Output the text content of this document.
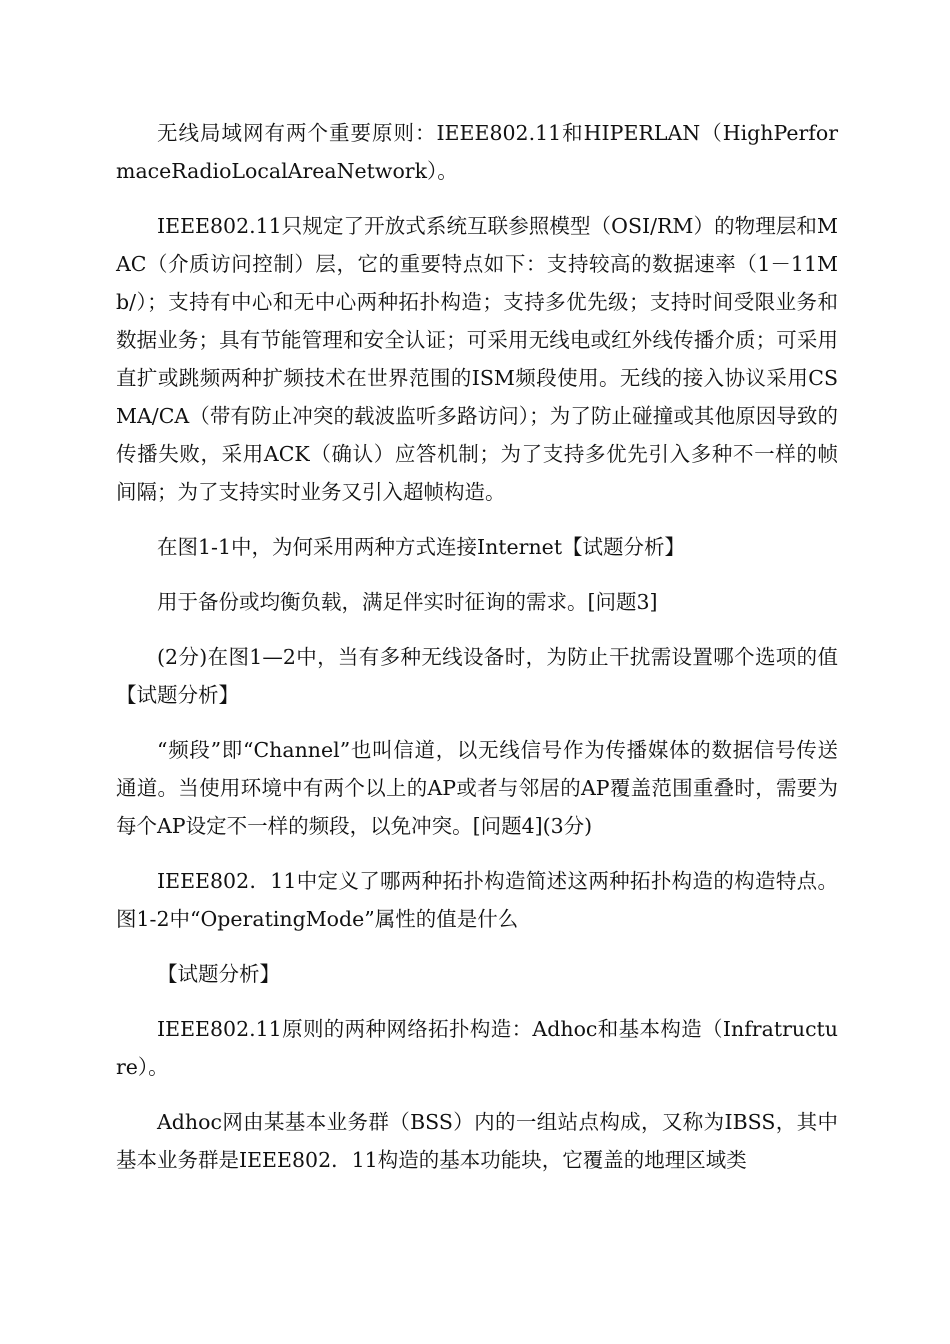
无线局域网有两个重要原则：IEEE802.11和HIPERLAN（HighPerformaceRadioLocalAreaNetwork）。

IEEE802.11只规定了开放式系统互联参照模型（OSI/RM）的物理层和MAC（介质访问控制）层，它的重要特点如下：支持较高的数据速率（1－11Mb/）；支持有中心和无中心两种拓扑构造；支持多优先级；支持时间受限业务和数据业务；具有节能管理和安全认证；可采用无线电或红外线传播介质；可采用直扩或跳频两种扩频技术在世界范围的ISM频段使用。无线的接入协议采用CSMA/CA（带有防止冲突的载波监听多路访问）；为了防止碰撞或其他原因导致的传播失败，采用ACK（确认）应答机制；为了支持多优先引入多种不一样的帧间隔；为了支持实时业务又引入超帧构造。

在图1-1中，为何采用两种方式连接Internet【试题分析】

用于备份或均衡负载，满足伴实时征询的需求。[问题3]

(2分)在图1—2中，当有多种无线设备时，为防止干扰需设置哪个选项的值【试题分析】

“频段”即“Channel”也叫信道，以无线信号作为传播媒体的数据信号传送通道。当使用环境中有两个以上的AP或者与邻居的AP覆盖范围重叠时，需要为每个AP设定不一样的频段，以免冲突。[问题4](3分)

IEEE802．11中定义了哪两种拓扑构造简述这两种拓扑构造的构造特点。图1-2中“OperatingMode”属性的值是什么

【试题分析】

IEEE802.11原则的两种网络拓扑构造：Adhoc和基本构造（Infratructure）。

Adhoc网由某基本业务群（BSS）内的一组站点构成，又称为IBSS，其中基本业务群是IEEE802．11构造的基本功能块，它覆盖的地理区域类
